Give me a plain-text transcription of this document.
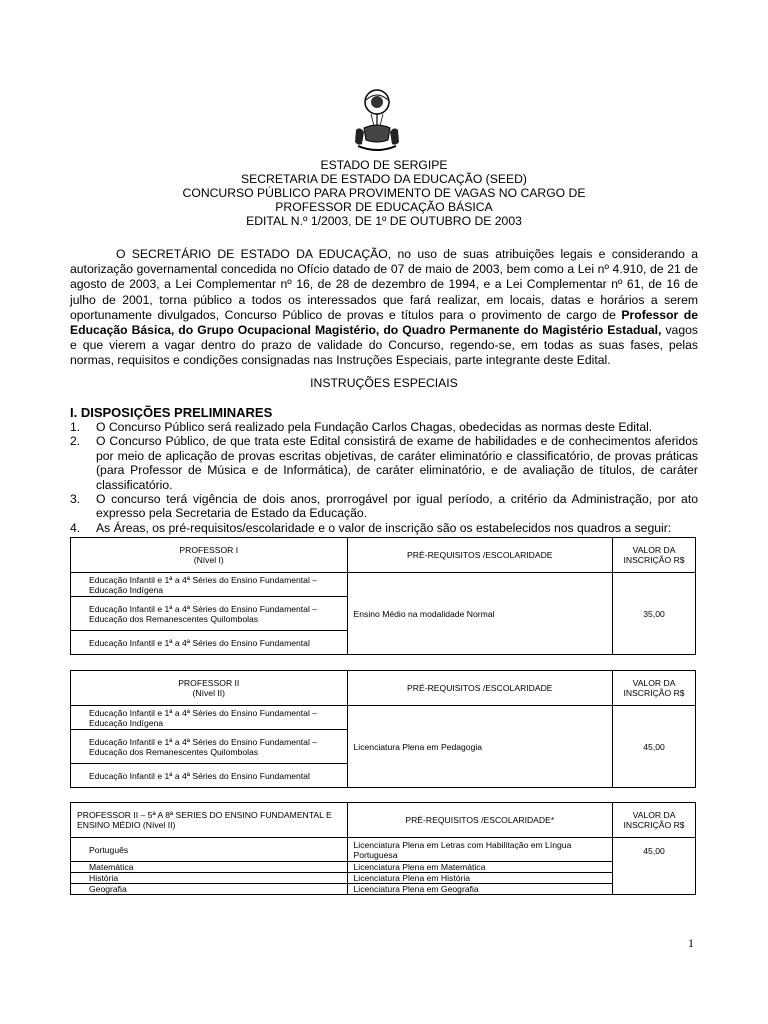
ESTADO DE SERGIPE
SECRETARIA DE ESTADO DA EDUCAÇÃO (SEED)
CONCURSO PÚBLICO PARA PROVIMENTO DE VAGAS NO CARGO DE
PROFESSOR DE EDUCAÇÃO BÁSICA
EDITAL N.º 1/2003, DE 1º DE OUTUBRO DE 2003

O SECRETÁRIO DE ESTADO DA EDUCAÇÃO, no uso de suas atribuições legais e considerando a autorização governamental concedida no Ofício datado de 07 de maio de 2003, bem como a Lei nº 4.910, de 21 de agosto de 2003, a Lei Complementar nº 16, de 28 de dezembro de 1994, e a Lei Complementar nº 61, de 16 de julho de 2001, torna público a todos os interessados que fará realizar, em locais, datas e horários a serem oportunamente divulgados, Concurso Público de provas e títulos para o provimento de cargo de Professor de Educação Básica, do Grupo Ocupacional Magistério, do Quadro Permanente do Magistério Estadual, vagos e que vierem a vagar dentro do prazo de validade do Concurso, regendo-se, em todas as suas fases, pelas normas, requisitos e condições consignadas nas Instruções Especiais, parte integrante deste Edital.

INSTRUÇÕES ESPECIAIS
I. DISPOSIÇÕES PRELIMINARES
1.	O Concurso Público será realizado pela Fundação Carlos Chagas, obedecidas as normas deste Edital.
2.	O Concurso Público, de que trata este Edital consistirá de exame de habilidades e de conhecimentos aferidos por meio de aplicação de provas escritas objetivas, de caráter eliminatório e classificatório, de provas práticas (para Professor de Música e de Informática), de caráter eliminatório, e de avaliação de títulos, de caráter classificatório.
3.	O concurso terá vigência de dois anos, prorrogável por igual período, a critério da Administração, por ato expresso pela Secretaria de Estado da Educação.
4.	As Áreas, os pré-requisitos/escolaridade e o valor de inscrição são os estabelecidos nos quadros a seguir:
PROFESSOR I
(Nível I)	PRÉ-REQUISITOS /ESCOLARIDADE	VALOR DA INSCRIÇÃO R$
Educação Infantil e 1ª a 4ª Séries do Ensino Fundamental – Educação Indígena	Ensino Médio na modalidade Normal	35,00
Educação Infantil e 1ª a 4ª Séries do Ensino Fundamental – Educação dos Remanescentes Quilombolas		
Educação Infantil e 1ª a 4ª Séries do Ensino Fundamental		
PROFESSOR II
(Nível II)	PRÉ-REQUISITOS /ESCOLARIDADE	VALOR DA INSCRIÇÃO R$
Educação Infantil e 1ª a 4ª Séries do Ensino Fundamental – Educação Indígena	Licenciatura Plena em Pedagogia	45,00
Educação Infantil e 1ª a 4ª Séries do Ensino Fundamental – Educação dos Remanescentes Quilombolas		
Educação Infantil e 1ª a 4ª Séries do Ensino Fundamental		
PROFESSOR II – 5ª A 8ª SERIES DO ENSINO FUNDAMENTAL E ENSINO MÉDIO (Nível II)	PRÉ-REQUISITOS /ESCOLARIDADE*	VALOR DA INSCRIÇÃO R$
Português	Licenciatura Plena em Letras com Habilitação em Língua Portuguesa	45,00
Matemática	Licenciatura Plena em Matemática	
História	Licenciatura Plena em História	
Geografia	Licenciatura Plena em Geografia	
1
